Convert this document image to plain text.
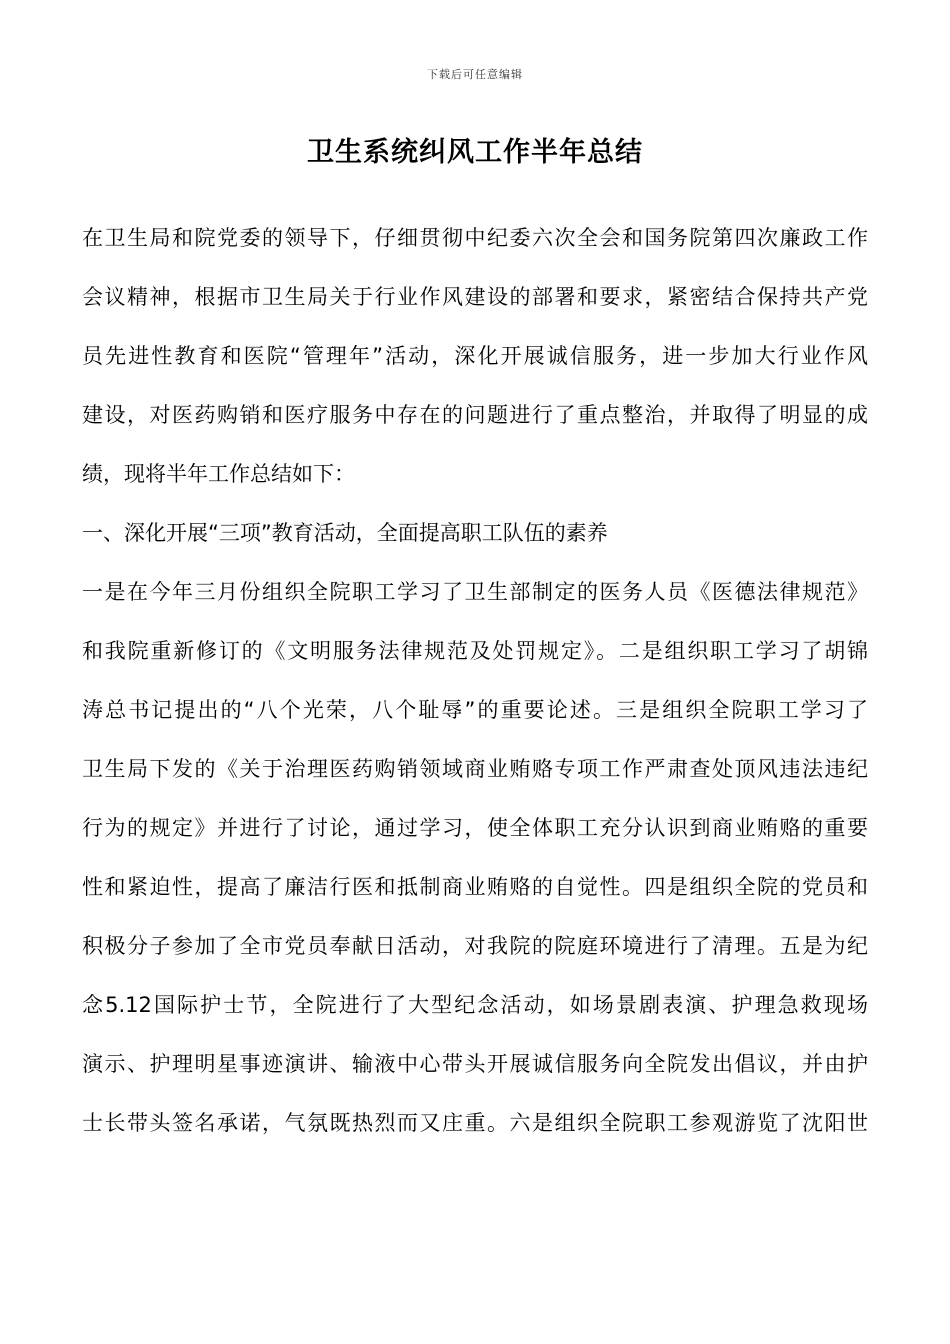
下载后可任意编辑
卫生系统纠风工作半年总结

在卫生局和院党委的领导下，仔细贯彻中纪委六次全会和国务院第四次廉政工作
会议精神，根据市卫生局关于行业作风建设的部署和要求，紧密结合保持共产党
员先进性教育和医院“管理年”活动，深化开展诚信服务，进一步加大行业作风
建设，对医药购销和医疗服务中存在的问题进行了重点整治，并取得了明显的成
绩，现将半年工作总结如下：

一、深化开展“三项”教育活动，全面提高职工队伍的素养

一是在今年三月份组织全院职工学习了卫生部制定的医务人员《医德法律规范》
和我院重新修订的《文明服务法律规范及处罚规定》。二是组织职工学习了胡锦
涛总书记提出的“八个光荣，八个耻辱”的重要论述。三是组织全院职工学习了
卫生局下发的《关于治理医药购销领域商业贿赂专项工作严肃查处顶风违法违纪
行为的规定》并进行了讨论，通过学习，使全体职工充分认识到商业贿赂的重要
性和紧迫性，提高了廉洁行医和抵制商业贿赂的自觉性。四是组织全院的党员和
积极分子参加了全市党员奉献日活动，对我院的院庭环境进行了清理。五是为纪
念5.12国际护士节，全院进行了大型纪念活动，如场景剧表演、护理急救现场
演示、护理明星事迹演讲、输液中心带头开展诚信服务向全院发出倡议，并由护
士长带头签名承诺，气氛既热烈而又庄重。六是组织全院职工参观游览了沈阳世
